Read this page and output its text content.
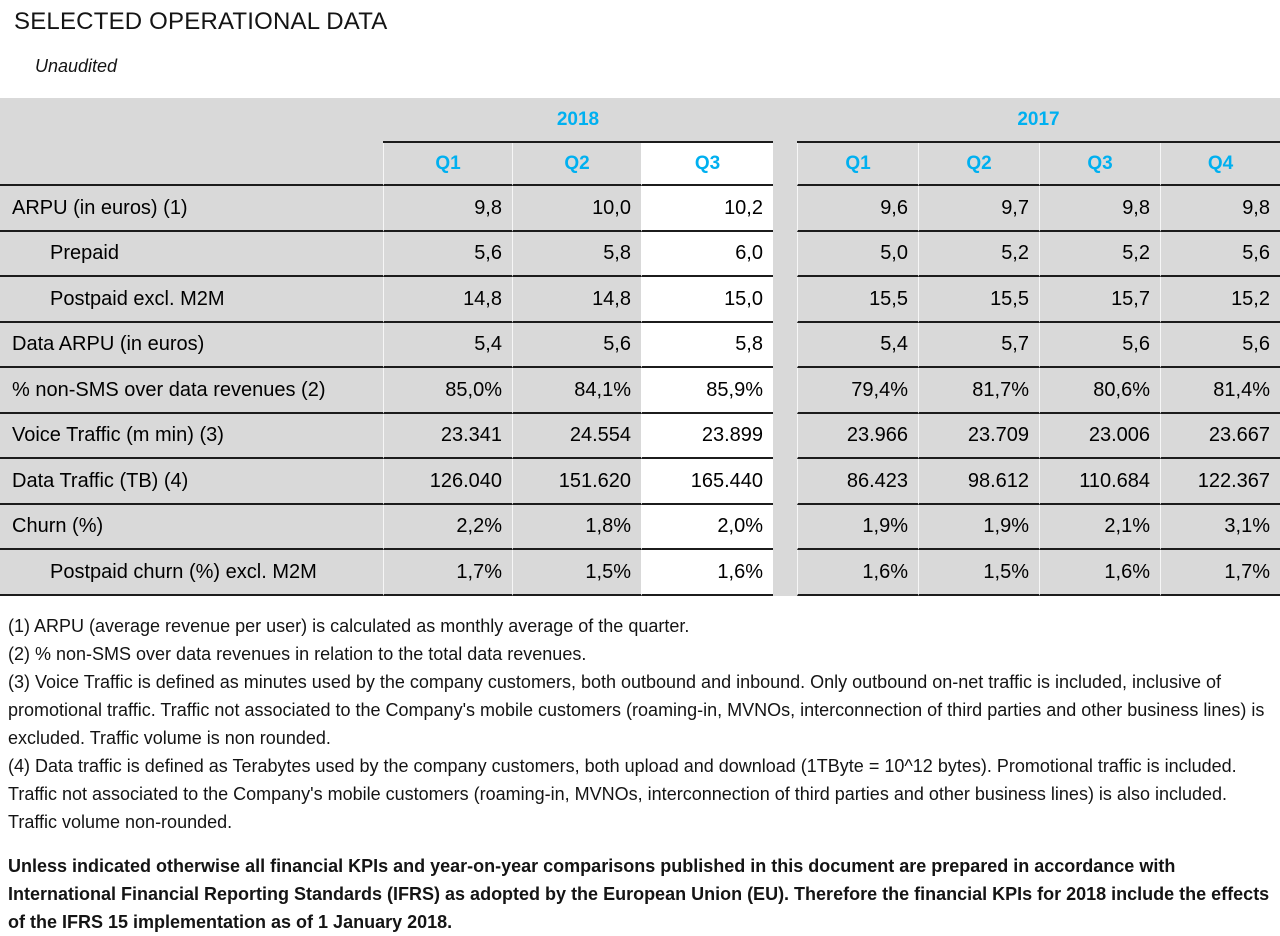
SELECTED OPERATIONAL DATA
Unaudited
2018	2017
Q1	Q2	Q3	Q1	Q2	Q3	Q4
ARPU (in euros) (1)	9,8	10,0	10,2	9,6	9,7	9,8	9,8
Prepaid	5,6	5,8	6,0	5,0	5,2	5,2	5,6
Postpaid excl. M2M	14,8	14,8	15,0	15,5	15,5	15,7	15,2
Data ARPU (in euros)	5,4	5,6	5,8	5,4	5,7	5,6	5,6
% non-SMS over data revenues (2)	85,0%	84,1%	85,9%	79,4%	81,7%	80,6%	81,4%
Voice Traffic (m min) (3)	23.341	24.554	23.899	23.966	23.709	23.006	23.667
Data Traffic (TB) (4)	126.040	151.620	165.440	86.423	98.612	110.684	122.367
Churn (%)	2,2%	1,8%	2,0%	1,9%	1,9%	2,1%	3,1%
Postpaid churn (%) excl. M2M	1,7%	1,5%	1,6%	1,6%	1,5%	1,6%	1,7%

(1) ARPU (average revenue per user) is calculated as monthly average of the quarter.

(2) % non-SMS over data revenues in relation to the total data revenues.

(3) Voice Traffic is defined as minutes used by the company customers, both outbound and inbound. Only outbound on-net traffic is included, inclusive of promotional traffic. Traffic not associated to the Company's mobile customers (roaming-in, MVNOs, interconnection of third parties and other business lines) is excluded. Traffic volume is non rounded.

(4) Data traffic is defined as Terabytes used by the company customers, both upload and download (1TByte = 10^12 bytes). Promotional traffic is included. Traffic not associated to the Company's mobile customers (roaming-in, MVNOs, interconnection of third parties and other business lines) is also included. Traffic volume non-rounded.

Unless indicated otherwise all financial KPIs and year-on-year comparisons published in this document are prepared in accordance with International Financial Reporting Standards (IFRS) as adopted by the European Union (EU). Therefore the financial KPIs for 2018 include the effects of the IFRS 15 implementation as of 1 January 2018.
